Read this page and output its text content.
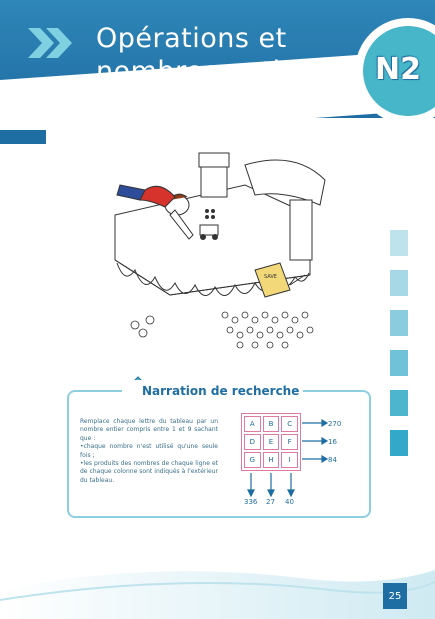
Opérations et
nombres entiers N2
SAVE
Narration de recherche

Remplace chaque lettre du tableau par un nombre entier compris entre 1 et 9 sachant que :

•chaque nombre n'est utilisé qu'une seule fois ;

•les produits des nombres de chaque ligne et de chaque colonne sont indiqués à l'extérieur du tableau.

A	B	C
D	E	F
G	H	I
270
16
84
336 27 40
25
